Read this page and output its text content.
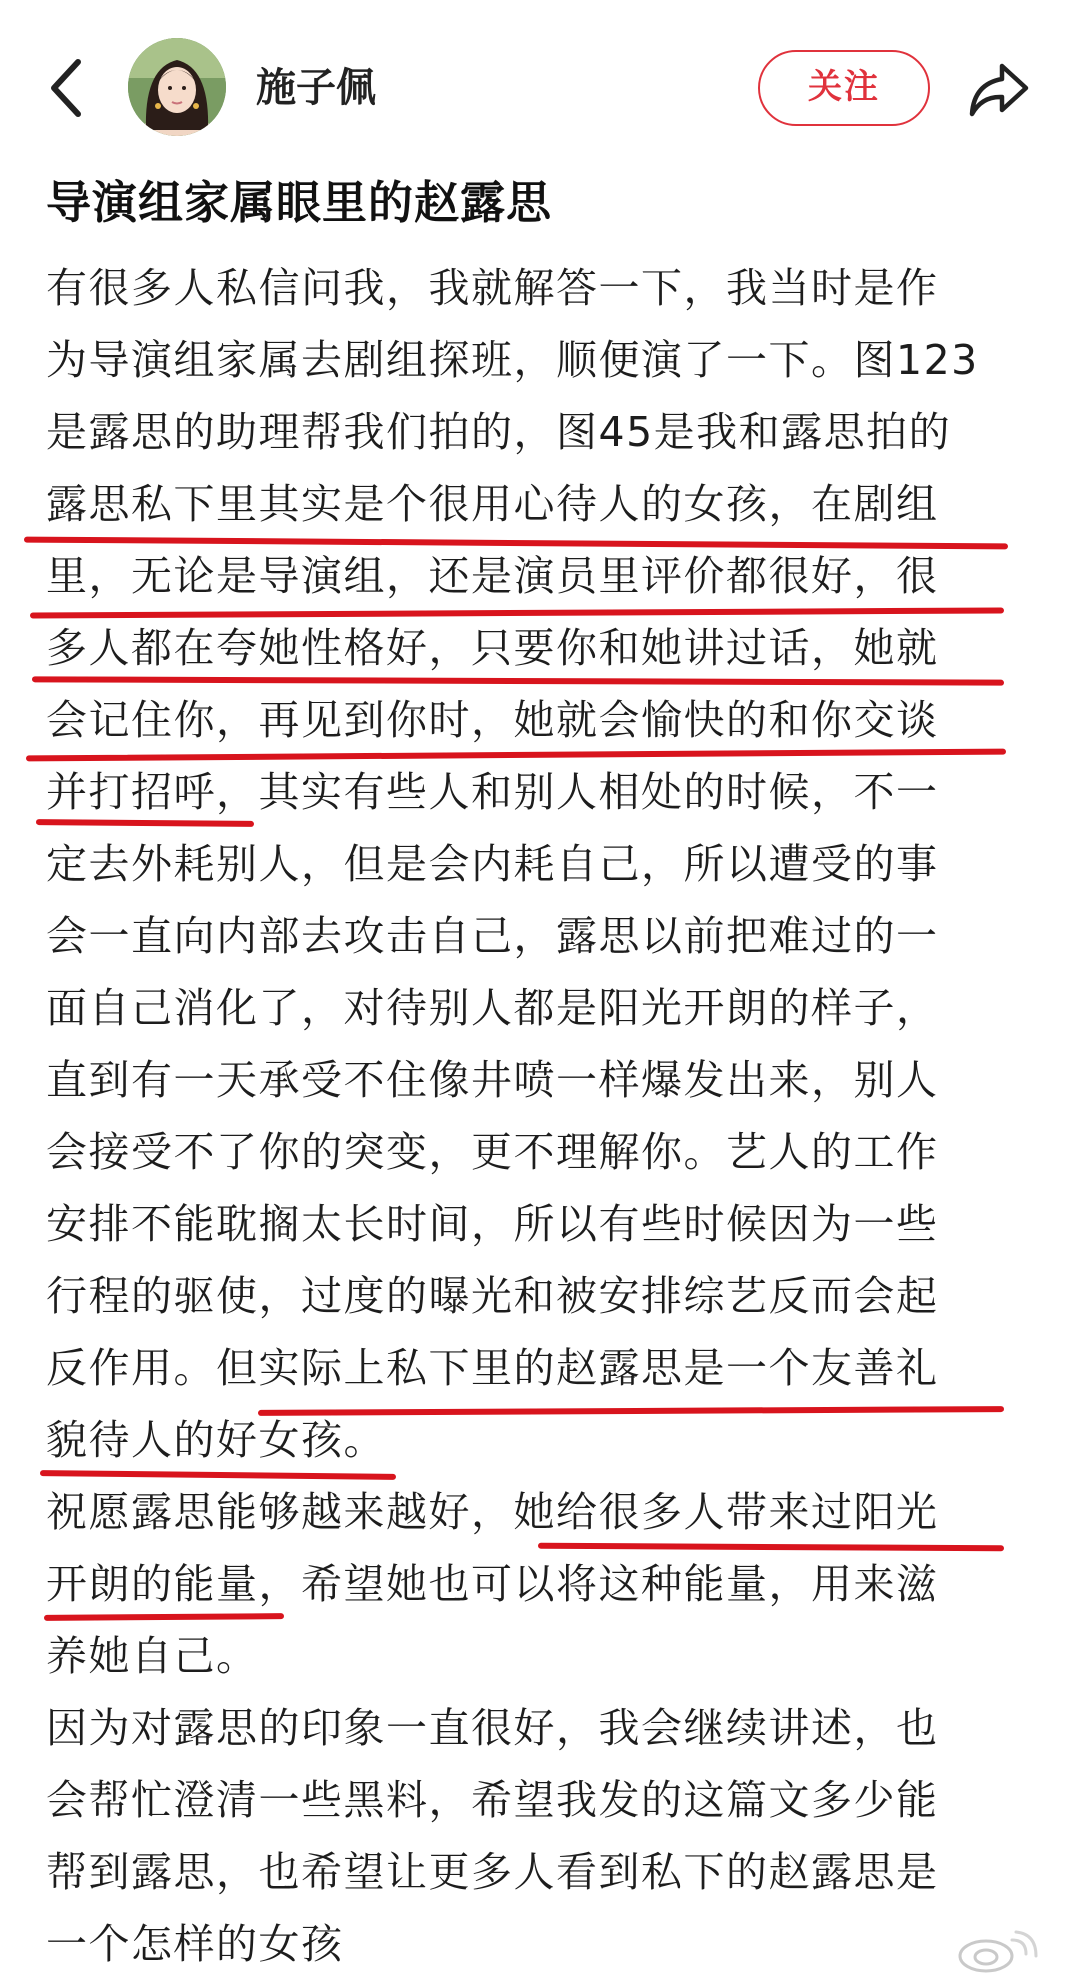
施子佩	关注
导演组家属眼里的赵露思
有很多人私信问我，我就解答一下，我当时是作
为导演组家属去剧组探班，顺便演了一下。图123
是露思的助理帮我们拍的，图45是我和露思拍的
露思私下里其实是个很用心待人的女孩，在剧组
里，无论是导演组，还是演员里评价都很好，很
多人都在夸她性格好，只要你和她讲过话，她就
会记住你，再见到你时，她就会愉快的和你交谈
并打招呼，其实有些人和别人相处的时候，不一
定去外耗别人，但是会内耗自己，所以遭受的事
会一直向内部去攻击自己，露思以前把难过的一
面自己消化了，对待别人都是阳光开朗的样子，
直到有一天承受不住像井喷一样爆发出来，别人
会接受不了你的突变，更不理解你。艺人的工作
安排不能耽搁太长时间，所以有些时候因为一些
行程的驱使，过度的曝光和被安排综艺反而会起
反作用。但实际上私下里的赵露思是一个友善礼
貌待人的好女孩。
祝愿露思能够越来越好，她给很多人带来过阳光
开朗的能量，希望她也可以将这种能量，用来滋
养她自己。
因为对露思的印象一直很好，我会继续讲述，也
会帮忙澄清一些黑料，希望我发的这篇文多少能
帮到露思，也希望让更多人看到私下的赵露思是
一个怎样的女孩
